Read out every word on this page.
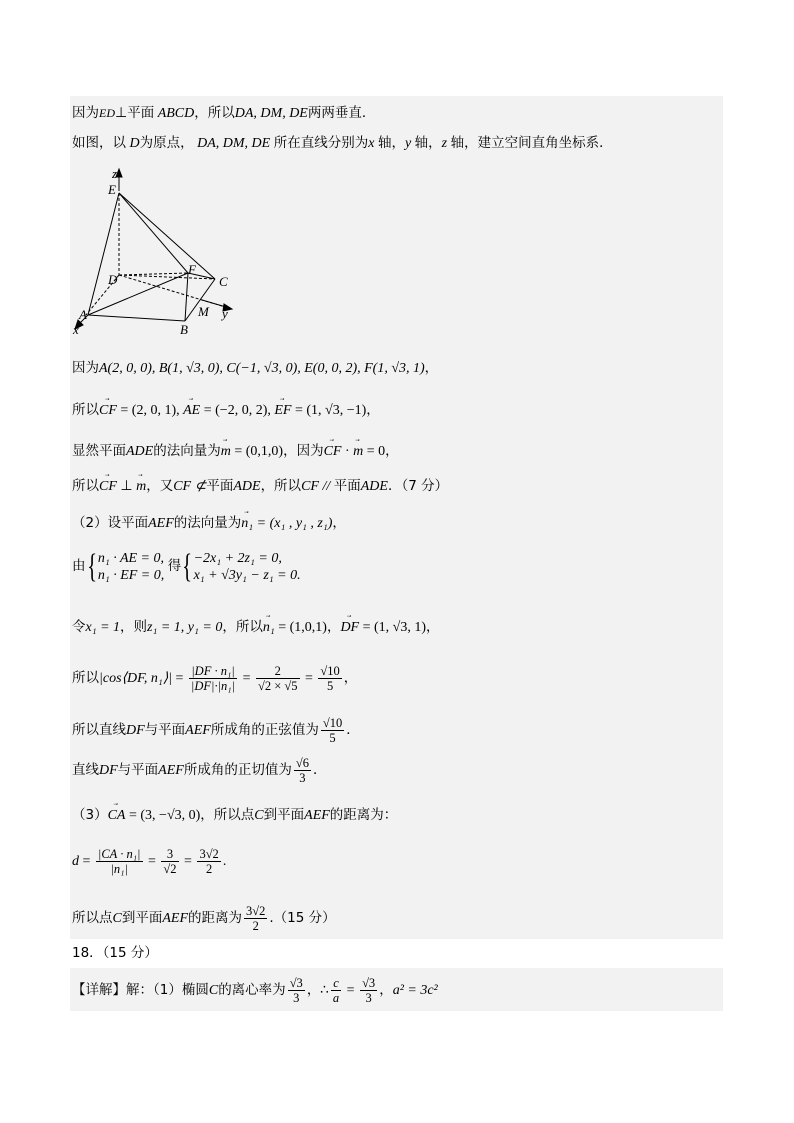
因为ED⊥平面 ABCD，所以DA, DM, DE两两垂直．
如图，以 D为原点， DA, DM, DE 所在直线分别为x 轴，y 轴，z 轴，建立空间直角坐标系．
z
E
D
F
C
M y
A
x	B
因为A(2, 0, 0), B(1, √3, 0), C(−1, √3, 0), E(0, 0, 2), F(1, √3, 1)，
所以⃗ CF = (2, 0, 1), ⃗ AE = (−2, 0, 2), ⃗ EF = (1, √3, −1)，
显然平面ADE的法向量为⃗ m = (0,1,0)，因为⃗ CF · ⃗ m = 0，
所以⃗ CF ⊥ ⃗ m，又CF ⊄平面ADE，所以CF // 平面ADE．（7 分）
（2）设平面AEF的法向量为⃗ n₁ = (x₁ , y₁ , z₁)，
由{ n₁ · AE = 0,
n₁ · EF = 0,
得{ −2x₁ + 2z₁ = 0,
x₁ + √3y₁ − z₁ = 0.
令x₁ = 1，则z₁ = 1, y₁ = 0，所以⃗ n₁ = (1,0,1)，⃗ DF = (1, √3, 1)，
所以|cos⟨DF, n₁⟩| = $\frac{\text{|DF · n₁|}}{\text{|DF|·|n₁|}} = \frac{2}{√2 \times √5} = \frac{√10}{5}$ ，
所以直线DF与平面AEF所成角的正弦值为 $\frac{√10}{5}$ ．
直线DF与平面AEF所成角的正切值为 $\frac{√6}{3}$ ．
（3）⃗ CA = (3, −√3, 0)，所以点C到平面AEF的距离为：
$d = \frac{\text{|CA · n₁|}}{\text{|n₁|}} = \frac{3}{√2} = \frac{3√2}{2}$ .
所以点C到平面AEF的距离为 $\frac{3√2}{2} .(15$ 分）
18．（15 分）
【详解】解：（1）椭圆C的离心率为 $\frac{√3}{3}$ ，∴ $\frac{c}{a} = \frac{√3}{3}$ ，a² = 3c²
